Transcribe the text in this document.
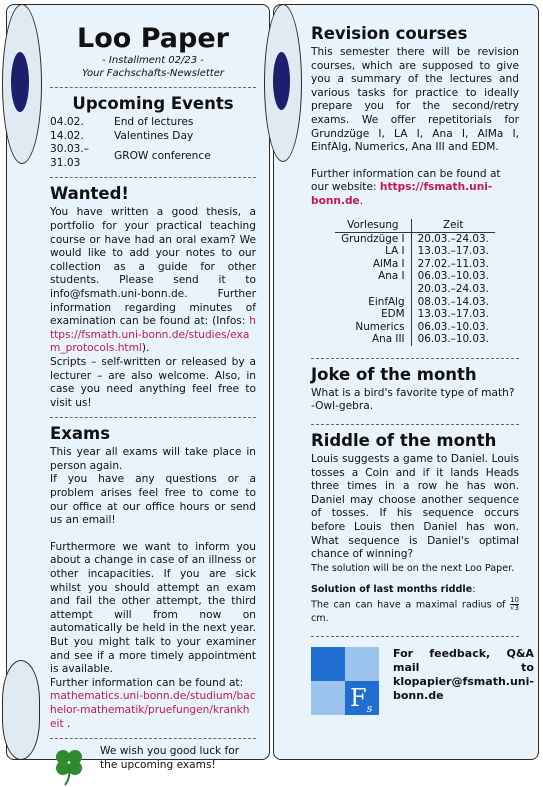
Loo Paper
- Installment 02/23 -
Your Fachschafts-Newsletter
Upcoming Events
04.02.	End of lectures
14.02.	Valentines Day
30.03.–31.03	GROW conference
Wanted!

You have written a good thesis, a portfolio for your practical teaching course or have had an oral exam? We would like to add your notes to our collection as a guide for other students. Please send it to info@fsmath.uni-bonn.de. Further information regarding minutes of examination can be found at: (Infos: https://fsmath.uni-bonn.de/studies/exam_protocols.html).

Scripts – self-written or released by a lecturer – are also welcome. Also, in case you need anything feel free to visit us!

Exams

This year all exams will take place in person again.

If you have any questions or a problem arises feel free to come to our office at our office hours or send us an email!

Furthermore we want to inform you about a change in case of an illness or other incapacities. If you are sick whilst you should attempt an exam and fail the other attempt, the third attempt will from now on automatically be held in the next year. But you might talk to your examiner and see if a more timely appointment is available.

Further information can be found at:

mathematics.uni-bonn.de/studium/bachelor-mathematik/pruefungen/krankheit .

We wish you good luck for the upcoming exams!

Revision courses

This semester there will be revision courses, which are supposed to give you a summary of the lectures and various tasks for practice to ideally prepare you for the second/retry exams. We offer repetitorials for Grundzüge I, LA I, Ana I, AlMa I, EinfAlg, Numerics, Ana III and EDM.

Further information can be found at our website: https://fsmath.uni-bonn.de.

Vorlesung	Zeit
Grundzüge I	20.03.–24.03.
LA I	13.03.–17.03.
AlMa I	27.02.–11.03.
Ana I	06.03.–10.03.
	20.03.–24.03.
EinfAlg	08.03.–14.03.
EDM	13.03.–17.03.
Numerics	06.03.–10.03.
Ana III	06.03.–10.03.
Joke of the month

What is a bird's favorite type of math?

-Owl-gebra.

Riddle of the month

Louis suggests a game to Daniel. Louis tosses a Coin and if it lands Heads three times in a row he has won. Daniel may choose another sequence of tosses. If his sequence occurs before Louis then Daniel has won. What sequence is Daniel's optimal chance of winning?

The solution will be on the next Loo Paper.

Solution of last months riddle:

The can can have a maximal radius of $\frac{10}{√3}$
cm.

$F_s$

For feedback, Q&A mail to klopapier@fsmath.uni-bonn.de
